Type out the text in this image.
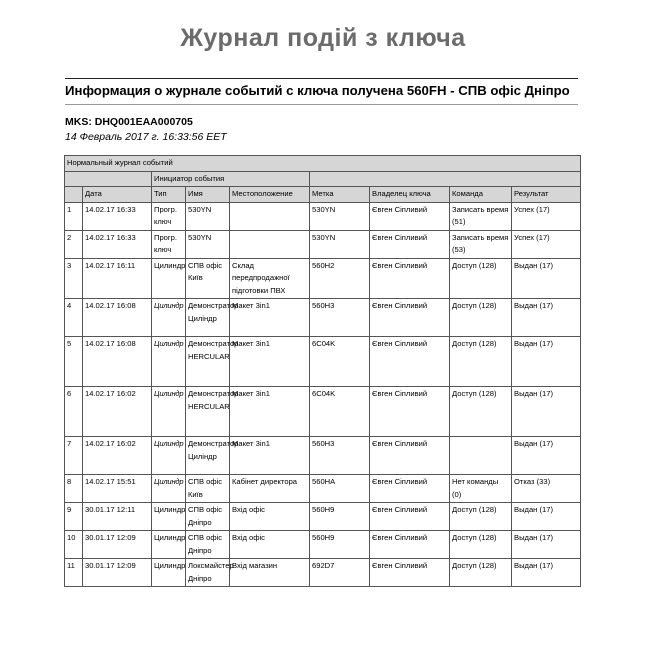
Журнал подій з ключа
Информация о журнале событий с ключа получена 560FH - СПВ офіс Дніпро
MKS: DHQ001EAA000705
14 Февраль 2017 г. 16:33:56 EET
Нормальный журнал событий								
		Инициатор события						
	Дата	Тип	Имя	Местоположение	Метка	Владелец ключа	Команда	Результат
1	14.02.17 16:33	Прогр. ключ	530YN		530YN	Євген Сіпливий	Записать время (51)	Успех (17)
2	14.02.17 16:33	Прогр. ключ	530YN		530YN	Євген Сіпливий	Записать время (53)	Успех (17)
3	14.02.17 16:11	Цилиндр	СПВ офіс Київ	Склад передпродажної підготовки ПВХ	560H2	Євген Сіпливий	Доступ (128)	Выдан (17)
4	14.02.17 16:08	Цилиндр	Демонстратор Циліндр	Макет 3in1	560H3	Євген Сіпливий	Доступ (128)	Выдан (17)
5	14.02.17 16:08	Цилиндр	Демонстратор HERCULAR	Макет 3in1	6C04K	Євген Сіпливий	Доступ (128)	Выдан (17)
6	14.02.17 16:02	Цилиндр	Демонстратор HERCULAR	Макет 3in1	6C04K	Євген Сіпливий	Доступ (128)	Выдан (17)
7	14.02.17 16:02	Цилиндр	Демонстратор Циліндр	Макет 3in1	560H3	Євген Сіпливий		Выдан (17)
8	14.02.17 15:51	Цилиндр	СПВ офіс Київ	Кабінет директора	560HA	Євген Сіпливий	Нет команды (0)	Отказ (33)
9	30.01.17 12:11	Цилиндр	СПВ офіс Дніпро	Вхід офіс	560H9	Євген Сіпливий	Доступ (128)	Выдан (17)
10	30.01.17 12:09	Цилиндр	СПВ офіс Дніпро	Вхід офіс	560H9	Євген Сіпливий	Доступ (128)	Выдан (17)
11	30.01.17 12:09	Цилиндр	Локсмайстер Дніпро	Вхід магазин	692D7	Євген Сіпливий	Доступ (128)	Выдан (17)
